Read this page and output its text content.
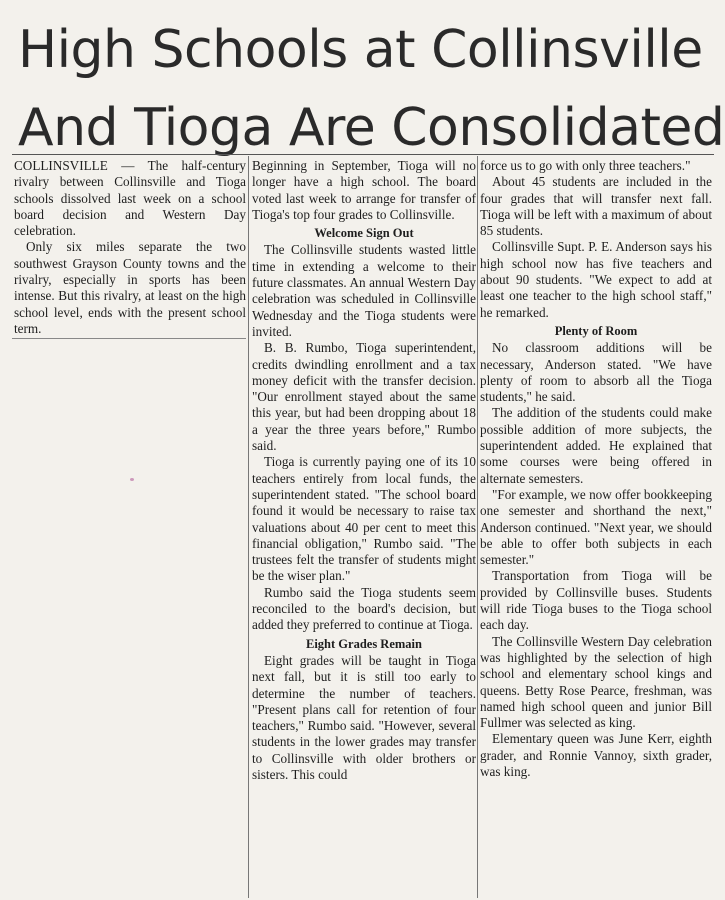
High Schools at Collinsville
And Tioga Are Consolidated

COLLINSVILLE — The half-century rivalry between Collinsville and Tioga schools dissolved last week on a school board decision and Western Day celebration.

Only six miles separate the two southwest Grayson County towns and the rivalry, especially in sports has been intense. But this rivalry, at least on the high school level, ends with the present school term.

Beginning in September, Tioga will no longer have a high school. The board voted last week to arrange for transfer of Tioga's top four grades to Collinsville.

Welcome Sign Out

The Collinsville students wasted little time in extending a welcome to their future classmates. An annual Western Day celebration was scheduled in Collinsville Wednesday and the Tioga students were invited.

B. B. Rumbo, Tioga superintendent, credits dwindling enrollment and a tax money deficit with the transfer decision. "Our enrollment stayed about the same this year, but had been dropping about 18 a year the three years before," Rumbo said.

Tioga is currently paying one of its 10 teachers entirely from local funds, the superintendent stated. "The school board found it would be necessary to raise tax valuations about 40 per cent to meet this financial obligation," Rumbo said. "The trustees felt the transfer of students might be the wiser plan."

Rumbo said the Tioga students seem reconciled to the board's decision, but added they preferred to continue at Tioga.

Eight Grades Remain

Eight grades will be taught in Tioga next fall, but it is still too early to determine the number of teachers. "Present plans call for retention of four teachers," Rumbo said. "However, several students in the lower grades may transfer to Collinsville with older brothers or sisters. This could

force us to go with only three teachers."

About 45 students are included in the four grades that will transfer next fall. Tioga will be left with a maximum of about 85 students.

Collinsville Supt. P. E. Anderson says his high school now has five teachers and about 90 students. "We expect to add at least one teacher to the high school staff," he remarked.

Plenty of Room

No classroom additions will be necessary, Anderson stated. "We have plenty of room to absorb all the Tioga students," he said.

The addition of the students could make possible addition of more subjects, the superintendent added. He explained that some courses were being offered in alternate semesters.

"For example, we now offer bookkeeping one semester and shorthand the next," Anderson continued. "Next year, we should be able to offer both subjects in each semester."

Transportation from Tioga will be provided by Collinsville buses. Students will ride Tioga buses to the Tioga school each day.

The Collinsville Western Day celebration was highlighted by the selection of high school and elementary school kings and queens. Betty Rose Pearce, freshman, was named high school queen and junior Bill Fullmer was selected as king.

Elementary queen was June Kerr, eighth grader, and Ronnie Vannoy, sixth grader, was king.
